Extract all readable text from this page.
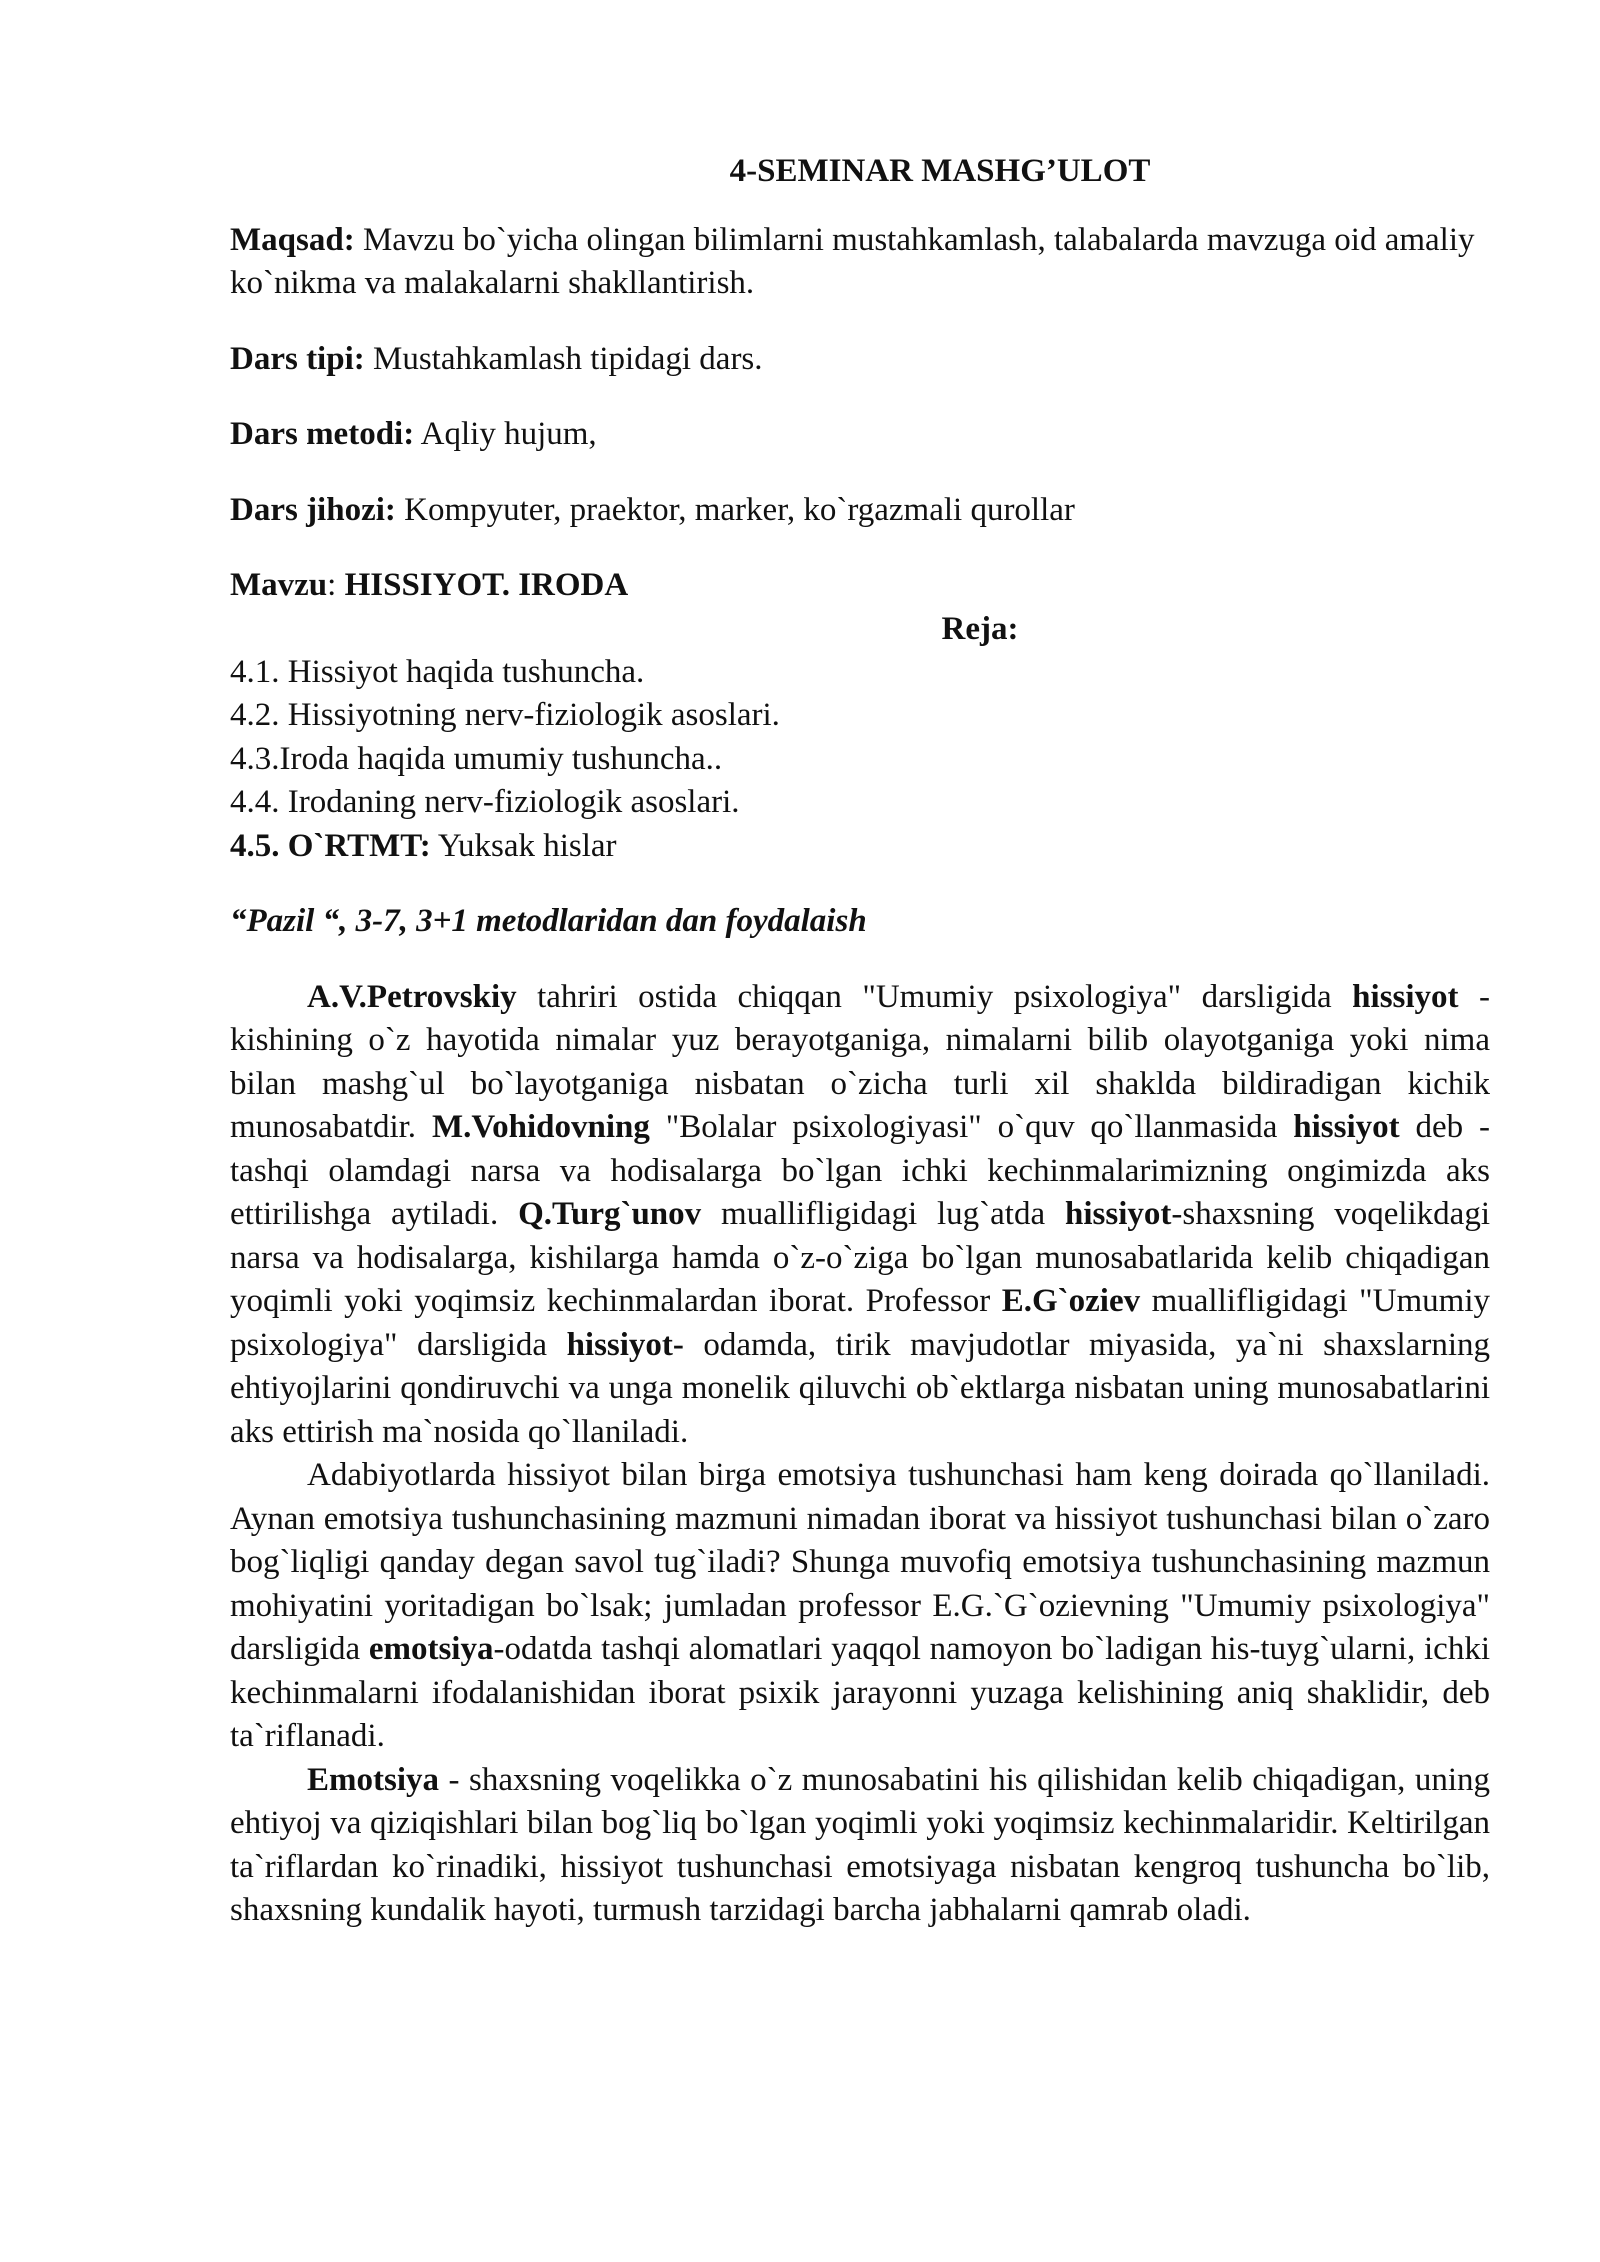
4-SEMINAR MASHG’ULOT

Maqsad: Mavzu bo`yicha olingan bilimlarni mustahkamlash, talabalarda mavzuga oid amaliy ko`nikma va malakalarni shakllantirish.

Dars tipi: Mustahkamlash tipidagi dars.

Dars metodi: Aqliy hujum,

Dars jihozi: Kompyuter, praektor, marker, ko`rgazmali qurollar

Mavzu: HISSIYOT. IRODA

Reja:

4.1. Hissiyot haqida tushuncha.

4.2. Hissiyotning nerv-fiziologik asoslari.

4.3.Iroda haqida umumiy tushuncha..

4.4. Irodaning nerv-fiziologik asoslari.

4.5. O`RTMT: Yuksak hislar

“Pazil “, 3-7, 3+1 metodlaridan dan foydalaish

A.V.Petrovskiy tahriri ostida chiqqan "Umumiy psixologiya" darsligida hissiyot - kishining o`z hayotida nimalar yuz berayotganiga, nimalarni bilib olayotganiga yoki nima bilan mashg`ul bo`layotganiga nisbatan o`zicha turli xil shaklda bildiradigan kichik munosabatdir. M.Vohidovning "Bolalar psixologiyasi" o`quv qo`llanmasida hissiyot deb - tashqi olamdagi narsa va hodisalarga bo`lgan ichki kechinmalarimizning ongimizda aks ettirilishga aytiladi. Q.Turg`unov muallifligidagi lug`atda hissiyot-shaxsning voqelikdagi narsa va hodisalarga, kishilarga hamda o`z-o`ziga bo`lgan munosabatlarida kelib chiqadigan yoqimli yoki yoqimsiz kechinmalardan iborat. Professor E.G`oziev muallifligidagi "Umumiy psixologiya" darsligida hissiyot- odamda, tirik mavjudotlar miyasida, ya`ni shaxslarning ehtiyojlarini qondiruvchi va unga monelik qiluvchi ob`ektlarga nisbatan uning munosabatlarini aks ettirish ma`nosida qo`llaniladi.

Adabiyotlarda hissiyot bilan birga emotsiya tushunchasi ham keng doirada qo`llaniladi. Aynan emotsiya tushunchasining mazmuni nimadan iborat va hissiyot tushunchasi bilan o`zaro bog`liqligi qanday degan savol tug`iladi? Shunga muvofiq emotsiya tushunchasining mazmun mohiyatini yoritadigan bo`lsak; jumladan professor E.G.`G`ozievning "Umumiy psixologiya" darsligida emotsiya-odatda tashqi alomatlari yaqqol namoyon bo`ladigan his-tuyg`ularni, ichki kechinmalarni ifodalanishidan iborat psixik jarayonni yuzaga kelishining aniq shaklidir, deb ta`riflanadi.

Emotsiya - shaxsning voqelikka o`z munosabatini his qilishidan kelib chiqadigan, uning ehtiyoj va qiziqishlari bilan bog`liq bo`lgan yoqimli yoki yoqimsiz kechinmalaridir. Keltirilgan ta`riflardan ko`rinadiki, hissiyot tushunchasi emotsiyaga nisbatan kengroq tushuncha bo`lib, shaxsning kundalik hayoti, turmush tarzidagi barcha jabhalarni qamrab oladi.
